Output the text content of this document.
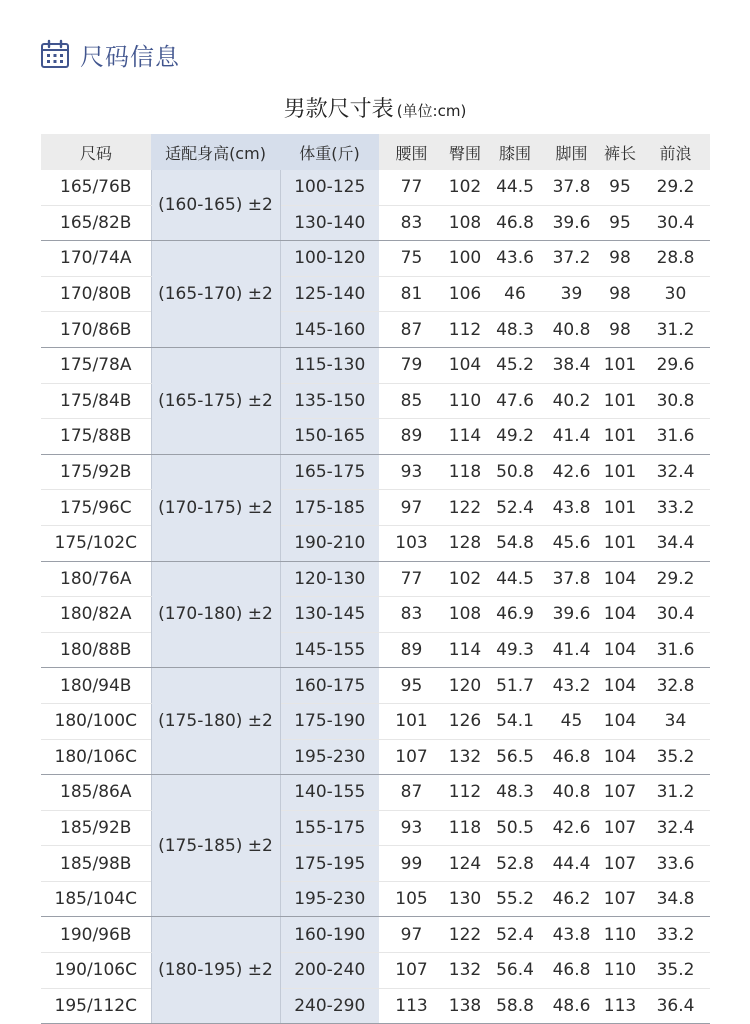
尺码信息
男款尺寸表 (单位:cm)
尺码	适配身高(cm)	体重(斤)	腰围	臀围	膝围	脚围	裤长	前浪
165/76B	(160-165) ±2	100-125	77	102	44.5	37.8	95	29.2
165/82B		130-140	83	108	46.8	39.6	95	30.4
170/74A	(165-170) ±2	100-120	75	100	43.6	37.2	98	28.8
170/80B		125-140	81	106	46	39	98	30
170/86B		145-160	87	112	48.3	40.8	98	31.2
175/78A	(165-175) ±2	115-130	79	104	45.2	38.4	101	29.6
175/84B		135-150	85	110	47.6	40.2	101	30.8
175/88B		150-165	89	114	49.2	41.4	101	31.6
175/92B	(170-175) ±2	165-175	93	118	50.8	42.6	101	32.4
175/96C		175-185	97	122	52.4	43.8	101	33.2
175/102C		190-210	103	128	54.8	45.6	101	34.4
180/76A	(170-180) ±2	120-130	77	102	44.5	37.8	104	29.2
180/82A		130-145	83	108	46.9	39.6	104	30.4
180/88B		145-155	89	114	49.3	41.4	104	31.6
180/94B	(175-180) ±2	160-175	95	120	51.7	43.2	104	32.8
180/100C		175-190	101	126	54.1	45	104	34
180/106C		195-230	107	132	56.5	46.8	104	35.2
185/86A	(175-185) ±2	140-155	87	112	48.3	40.8	107	31.2
185/92B		155-175	93	118	50.5	42.6	107	32.4
185/98B		175-195	99	124	52.8	44.4	107	33.6
185/104C		195-230	105	130	55.2	46.2	107	34.8
190/96B	(180-195) ±2	160-190	97	122	52.4	43.8	110	33.2
190/106C		200-240	107	132	56.4	46.8	110	35.2
195/112C		240-290	113	138	58.8	48.6	113	36.4
